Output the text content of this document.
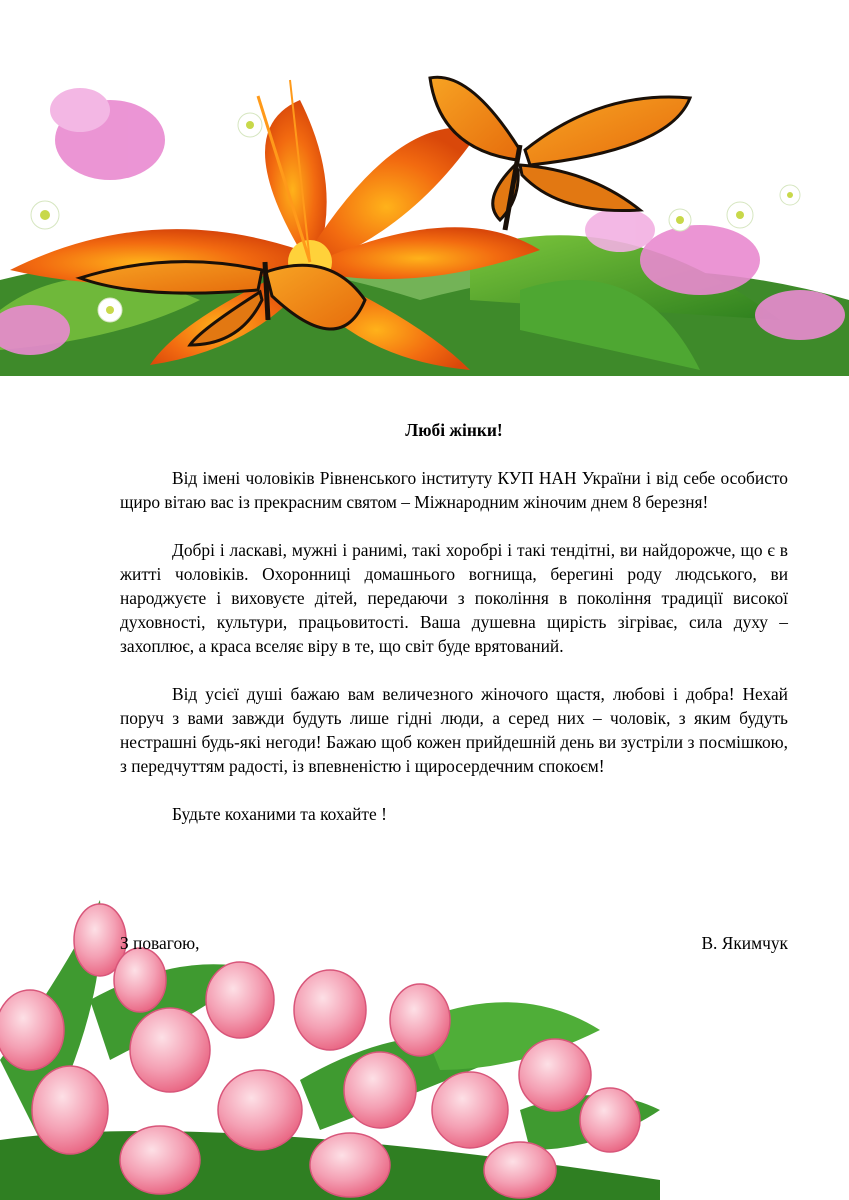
Любі жінки!

Від імені чоловіків Рівненського інституту КУП НАН України і від себе особисто щиро вітаю вас із прекрасним святом – Міжнародним жіночим днем 8 березня!

Добрі і ласкаві, мужні і ранимі, такі хоробрі і такі тендітні, ви найдорожче, що є в житті чоловіків. Охоронниці домашнього вогнища, берегині роду людського, ви народжуєте і виховуєте дітей, передаючи з покоління в покоління традиції високої духовності, культури, працьовитості. Ваша душевна щирість зігріває, сила духу – захоплює, а краса вселяє віру в те, що світ буде врятований.

Від усієї душі бажаю вам величезного жіночого щастя, любові і добра! Нехай поруч з вами завжди будуть лише гідні люди, а серед них – чоловік, з яким будуть нестрашні будь-які негоди! Бажаю щоб кожен прийдешній день ви зустріли з посмішкою, з передчуттям радості, із впевненістю і щиросердечним спокоєм!

Будьте коханими та кохайте !

З повагою,	В. Якимчук
